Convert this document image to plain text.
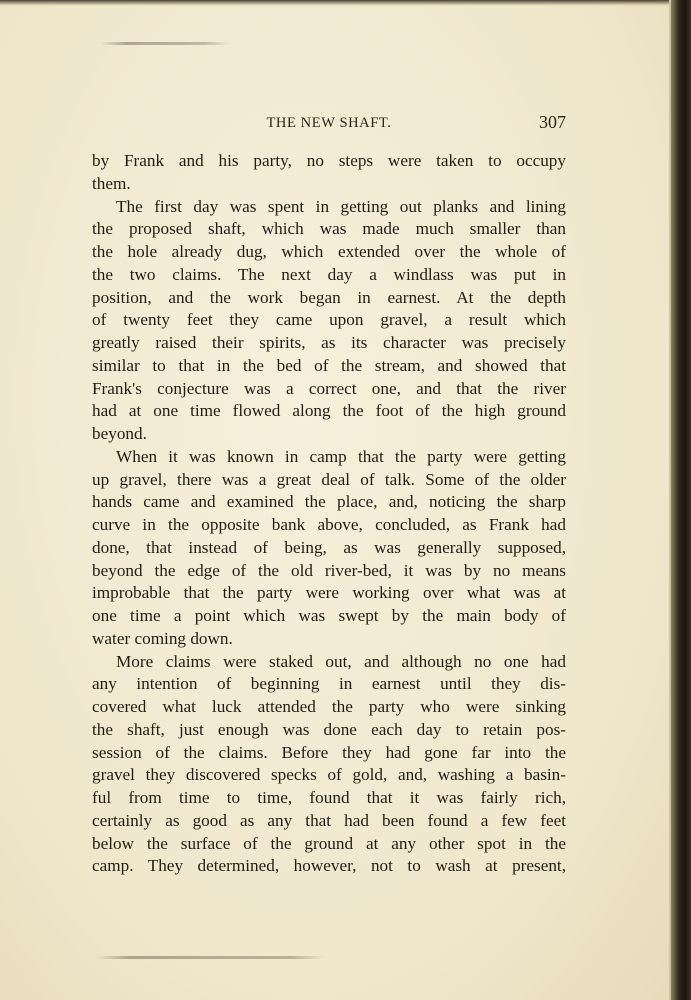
THE NEW SHAFT.	307
by Frank and his party, no steps were taken to occupy
them.
The first day was spent in getting out planks and lining
the proposed shaft, which was made much smaller than
the hole already dug, which extended over the whole of
the two claims. The next day a windlass was put in
position, and the work began in earnest. At the depth
of twenty feet they came upon gravel, a result which
greatly raised their spirits, as its character was precisely
similar to that in the bed of the stream, and showed that
Frank's conjecture was a correct one, and that the river
had at one time flowed along the foot of the high ground
beyond.
When it was known in camp that the party were getting
up gravel, there was a great deal of talk. Some of the older
hands came and examined the place, and, noticing the sharp
curve in the opposite bank above, concluded, as Frank had
done, that instead of being, as was generally supposed,
beyond the edge of the old river-bed, it was by no means
improbable that the party were working over what was at
one time a point which was swept by the main body of
water coming down.
More claims were staked out, and although no one had
any intention of beginning in earnest until they dis-
covered what luck attended the party who were sinking
the shaft, just enough was done each day to retain pos-
session of the claims. Before they had gone far into the
gravel they discovered specks of gold, and, washing a basin-
ful from time to time, found that it was fairly rich,
certainly as good as any that had been found a few feet
below the surface of the ground at any other spot in the
camp. They determined, however, not to wash at present,
